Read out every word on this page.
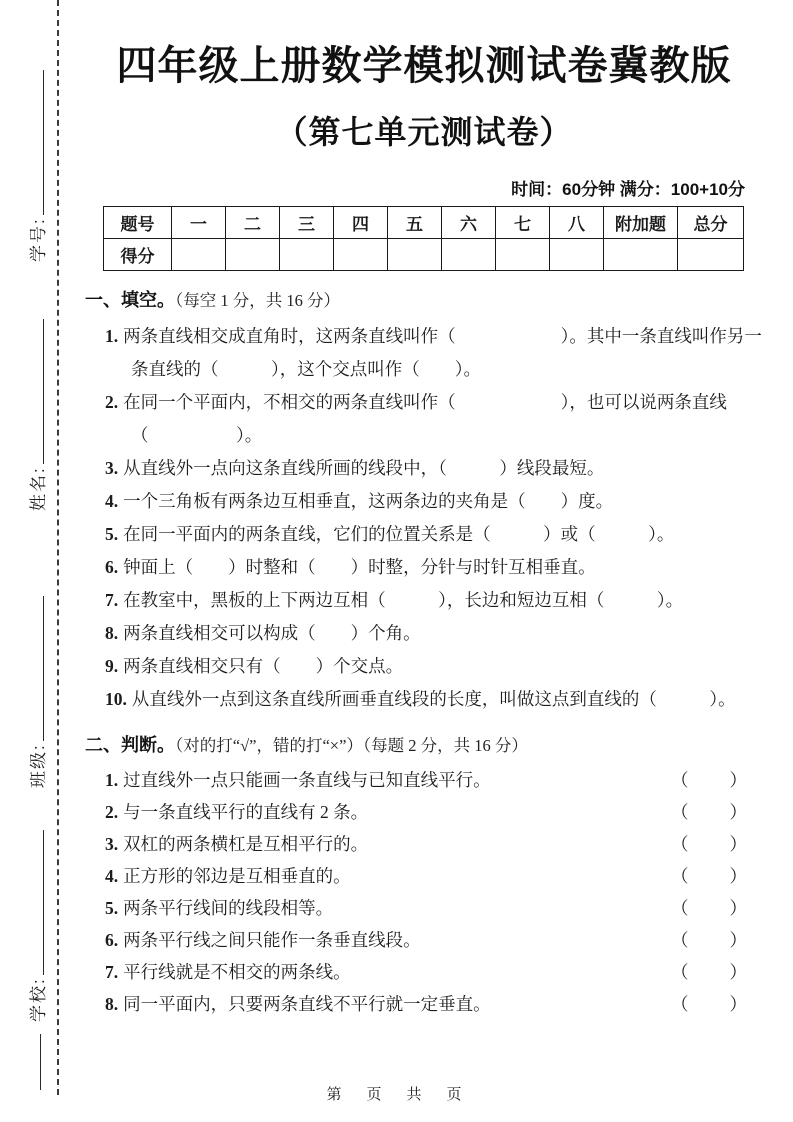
学号:
姓名:
班级:
学校:
四年级上册数学模拟测试卷冀教版
（第七单元测试卷）
时间：60分钟 满分：100+10分
题号	一	二	三	四	五	六	七	八	附加题	总分
得分										
一、填空。（每空 1 分，共 16 分）
1. 两条直线相交成直角时，这两条直线叫作（　　　　　　）。其中一条直线叫作另一条直线的（　　　），这个交点叫作（　　）。
2. 在同一个平面内，不相交的两条直线叫作（　　　　　　），也可以说两条直线（　　　　　）。
3. 从直线外一点向这条直线所画的线段中，（　　　）线段最短。
4. 一个三角板有两条边互相垂直，这两条边的夹角是（　　）度。
5. 在同一平面内的两条直线，它们的位置关系是（　　　）或（　　　）。
6. 钟面上（　　）时整和（　　）时整，分针与时针互相垂直。
7. 在教室中，黑板的上下两边互相（　　　），长边和短边互相（　　　）。
8. 两条直线相交可以构成（　　）个角。
9. 两条直线相交只有（　　）个交点。
10. 从直线外一点到这条直线所画垂直线段的长度，叫做这点到直线的（　　　）。
二、判断。（对的打“√”，错的打“×”）（每题 2 分，共 16 分）
1. 过直线外一点只能画一条直线与已知直线平行。	（　　）
2. 与一条直线平行的直线有 2 条。	（　　）
3. 双杠的两条横杠是互相平行的。	（　　）
4. 正方形的邻边是互相垂直的。	（　　）
5. 两条平行线间的线段相等。	（　　）
6. 两条平行线之间只能作一条垂直线段。	（　　）
7. 平行线就是不相交的两条线。	（　　）
8. 同一平面内，只要两条直线不平行就一定垂直。	（　　）
第　页　共　页
